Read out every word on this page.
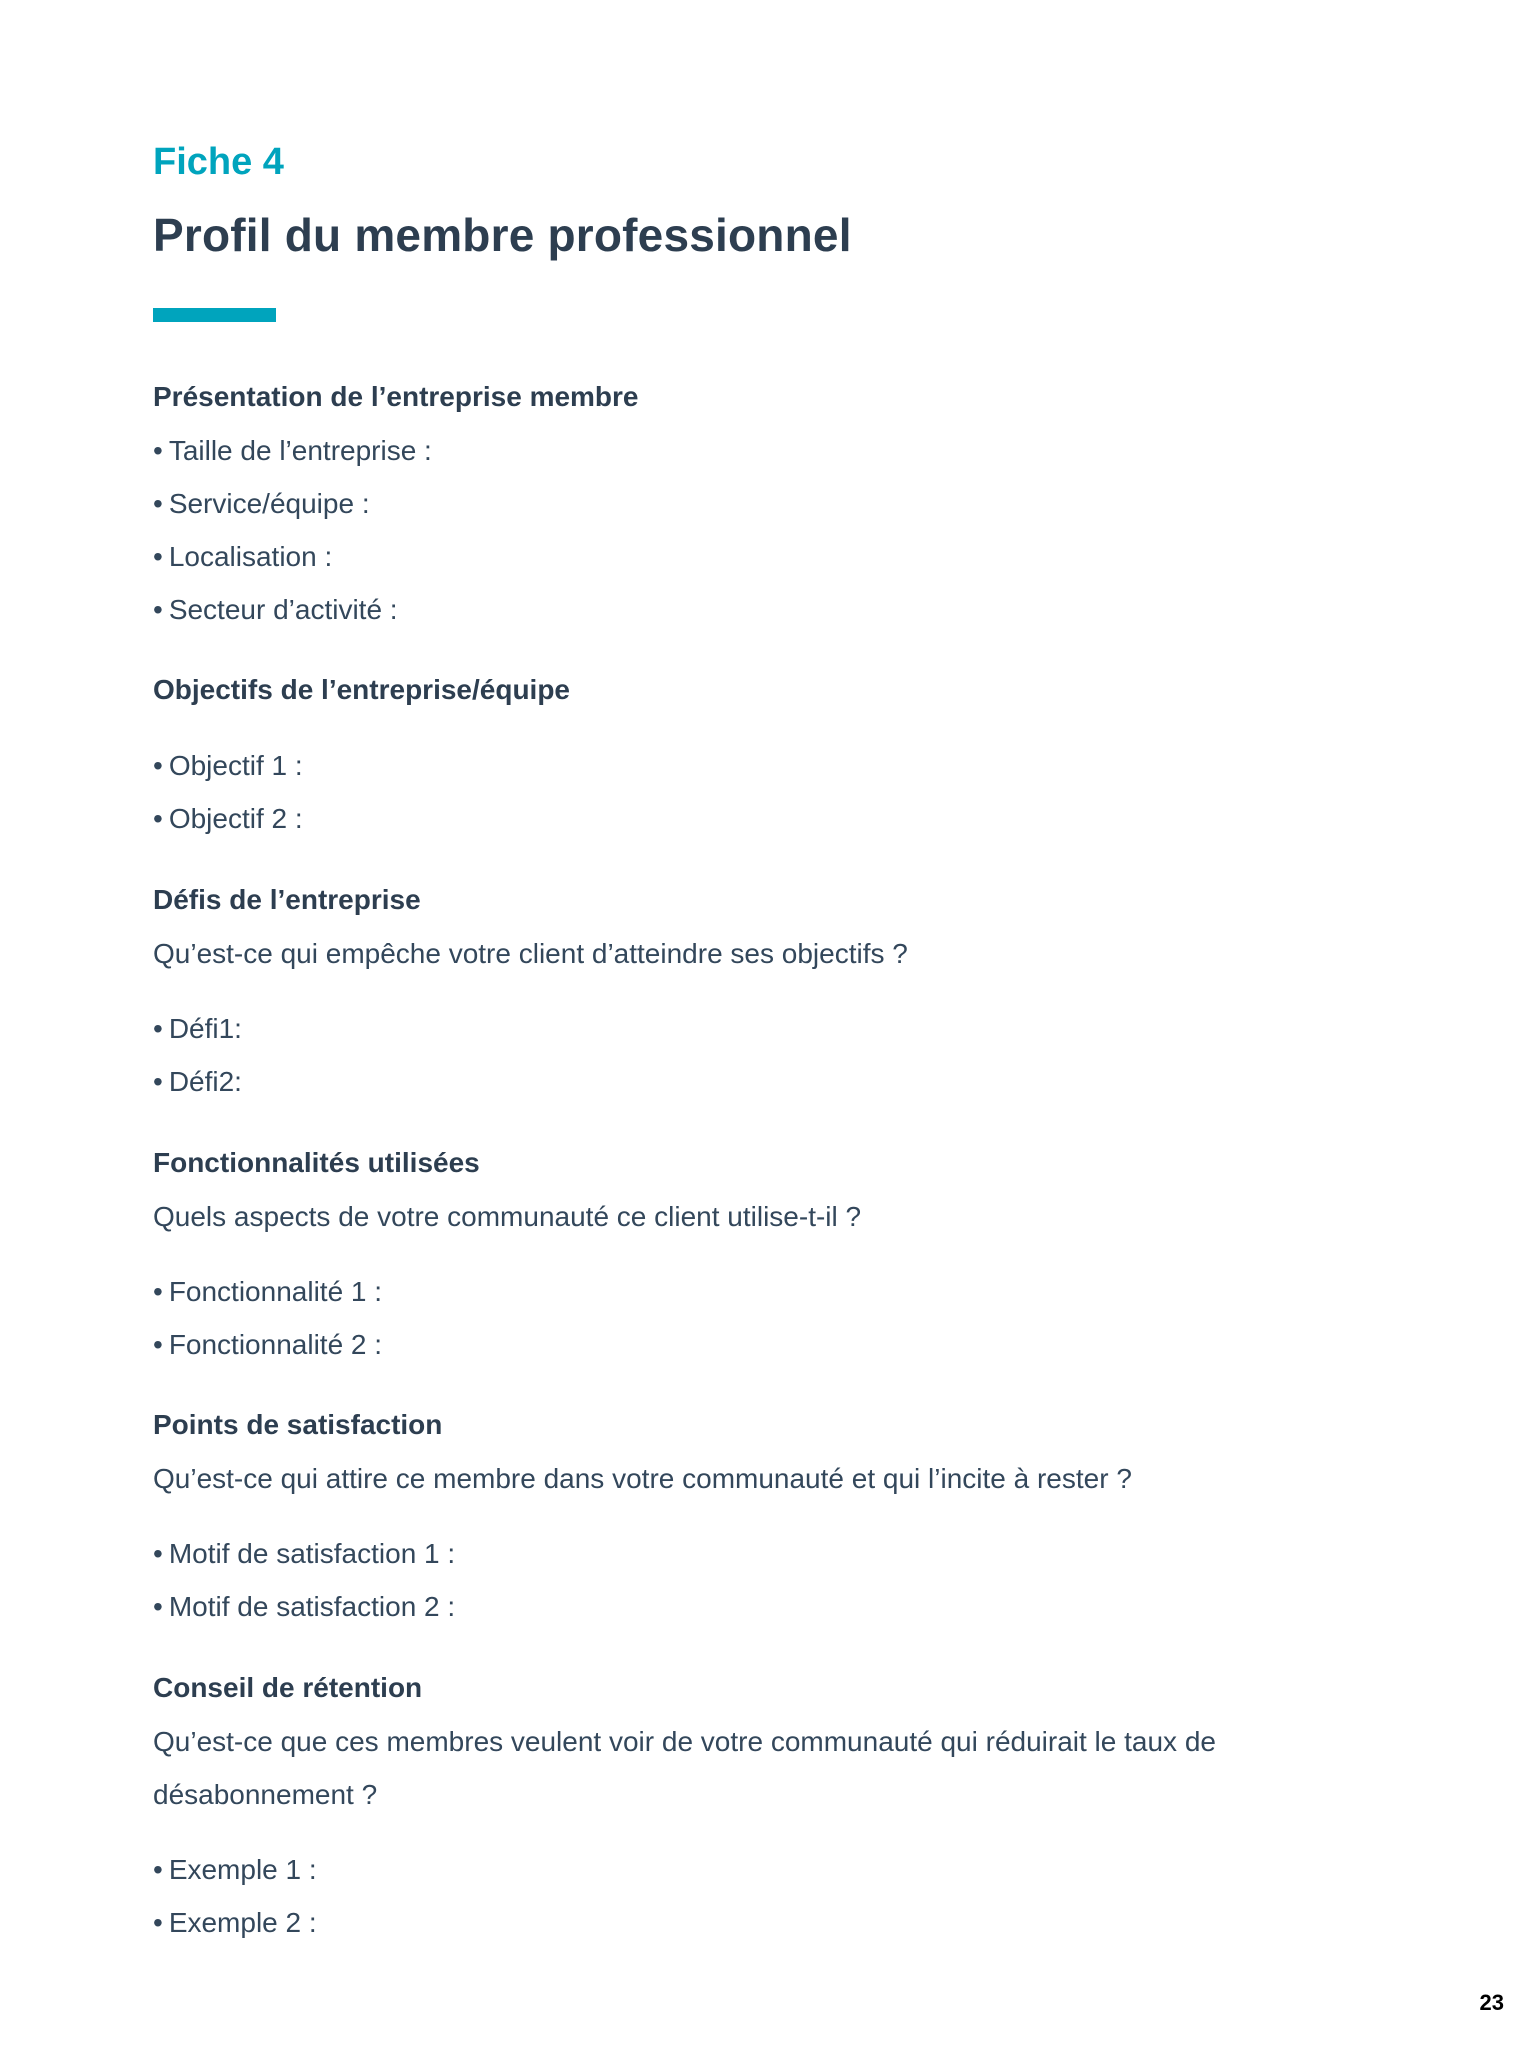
Fiche 4
Profil du membre professionnel
Présentation de l’entreprise membre
• Taille de l’entreprise :
• Service/équipe :
• Localisation :
• Secteur d’activité :
Objectifs de l’entreprise/équipe
• Objectif 1 :
• Objectif 2 :
Défis de l’entreprise

Qu’est-ce qui empêche votre client d’atteindre ses objectifs ?

• Défi1:
• Défi2:
Fonctionnalités utilisées

Quels aspects de votre communauté ce client utilise-t-il ?

• Fonctionnalité 1 :
• Fonctionnalité 2 :
Points de satisfaction

Qu’est-ce qui attire ce membre dans votre communauté et qui l’incite à rester ?

• Motif de satisfaction 1 :
• Motif de satisfaction 2 :
Conseil de rétention

Qu’est-ce que ces membres veulent voir de votre communauté qui réduirait le taux de désabonnement ?

• Exemple 1 :
• Exemple 2 :
23
